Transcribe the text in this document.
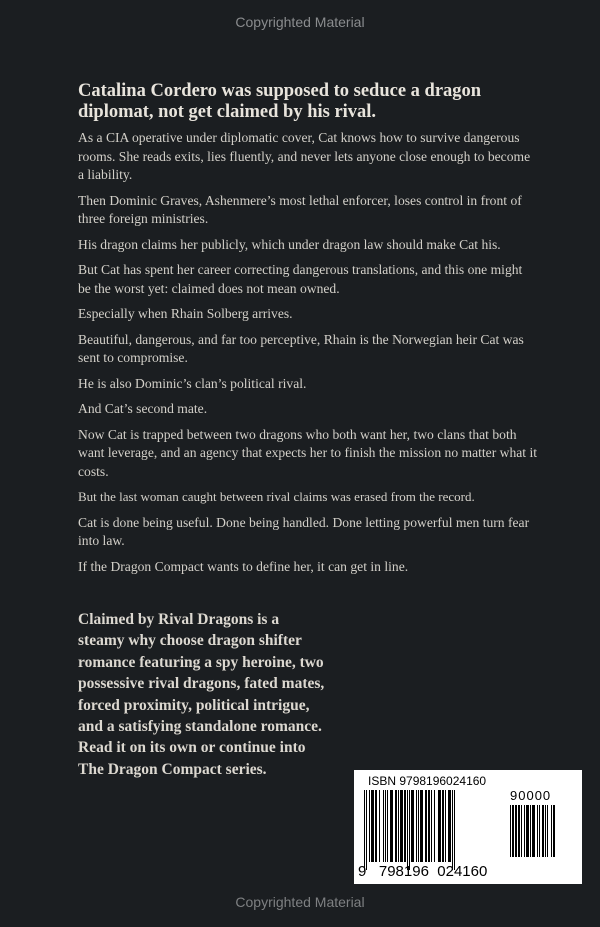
Copyrighted Material

Catalina Cordero was supposed to seduce a dragon diplomat, not get claimed by his rival.

As a CIA operative under diplomatic cover, Cat knows how to survive dangerous rooms. She reads exits, lies fluently, and never lets anyone close enough to become a liability.

Then Dominic Graves, Ashenmere’s most lethal enforcer, loses control in front of three foreign ministries.

His dragon claims her publicly, which under dragon law should make Cat his.

But Cat has spent her career correcting dangerous translations, and this one might be the worst yet: claimed does not mean owned.

Especially when Rhain Solberg arrives.

Beautiful, dangerous, and far too perceptive, Rhain is the Norwegian heir Cat was sent to compromise.

He is also Dominic’s clan’s political rival.

And Cat’s second mate.

Now Cat is trapped between two dragons who both want her, two clans that both want leverage, and an agency that expects her to finish the mission no matter what it costs.

But the last woman caught between rival claims was erased from the record.

Cat is done being useful. Done being handled. Done letting powerful men turn fear into law.

If the Dragon Compact wants to define her, it can get in line.

Claimed by Rival Dragons is a steamy why choose dragon shifter romance featuring a spy heroine, two possessive rival dragons, fated mates, forced proximity, political intrigue, and a satisfying standalone romance. Read it on its own or continue into The Dragon Compact series.

ISBN 9798196024160
90000
9 798196 024160
Copyrighted Material
